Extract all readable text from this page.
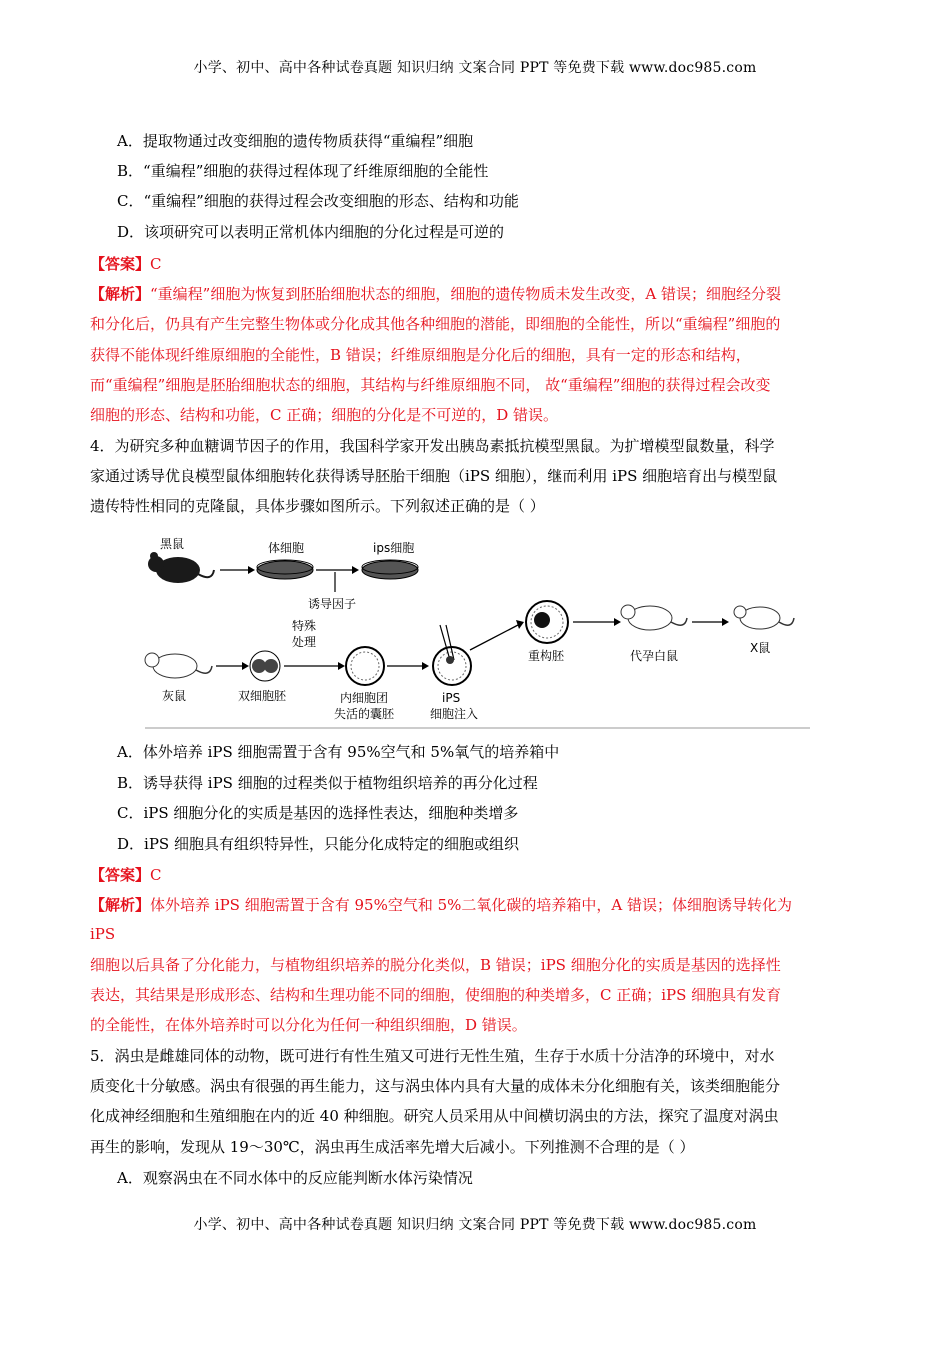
小学、初中、高中各种试卷真题 知识归纳 文案合同 PPT 等免费下载 www.doc985.com
A．提取物通过改变细胞的遗传物质获得“重编程”细胞
B．“重编程”细胞的获得过程体现了纤维原细胞的全能性
C．“重编程”细胞的获得过程会改变细胞的形态、结构和功能
D．该项研究可以表明正常机体内细胞的分化过程是可逆的
【答案】C
【解析】“重编程”细胞为恢复到胚胎细胞状态的细胞，细胞的遗传物质未发生改变，A 错误；细胞经分裂
和分化后，仍具有产生完整生物体或分化成其他各种细胞的潜能，即细胞的全能性，所以“重编程”细胞的
获得不能体现纤维原细胞的全能性，B 错误；纤维原细胞是分化后的细胞，具有一定的形态和结构，
而“重编程”细胞是胚胎细胞状态的细胞，其结构与纤维原细胞不同， 故“重编程”细胞的获得过程会改变
细胞的形态、结构和功能，C 正确；细胞的分化是不可逆的，D 错误。
4．为研究多种血糖调节因子的作用，我国科学家开发出胰岛素抵抗模型黑鼠。为扩增模型鼠数量，科学
家通过诱导优良模型鼠体细胞转化获得诱导胚胎干细胞（iPS 细胞），继而利用 iPS 细胞培育出与模型鼠
遗传特性相同的克隆鼠，具体步骤如图所示。下列叙述正确的是（ ）
黑鼠	体细胞
诱导因子
ips细胞
灰鼠	双细胞胚
特殊
处理
内细胞团
失活的囊胚
iPS
细胞注入
重构胚	代孕白鼠
X鼠
A．体外培养 iPS 细胞需置于含有 95%空气和 5%氧气的培养箱中
B．诱导获得 iPS 细胞的过程类似于植物组织培养的再分化过程
C．iPS 细胞分化的实质是基因的选择性表达，细胞种类增多
D．iPS 细胞具有组织特异性，只能分化成特定的细胞或组织
【答案】C
【解析】体外培养 iPS 细胞需置于含有 95%空气和 5%二氧化碳的培养箱中，A 错误；体细胞诱导转化为
iPS
细胞以后具备了分化能力，与植物组织培养的脱分化类似，B 错误；iPS 细胞分化的实质是基因的选择性
表达，其结果是形成形态、结构和生理功能不同的细胞，使细胞的种类增多，C 正确；iPS 细胞具有发育
的全能性，在体外培养时可以分化为任何一种组织细胞，D 错误。
5．涡虫是雌雄同体的动物，既可进行有性生殖又可进行无性生殖，生存于水质十分洁净的环境中，对水
质变化十分敏感。涡虫有很强的再生能力，这与涡虫体内具有大量的成体未分化细胞有关，该类细胞能分
化成神经细胞和生殖细胞在内的近 40 种细胞。研究人员采用从中间横切涡虫的方法，探究了温度对涡虫
再生的影响，发现从 19～30℃，涡虫再生成活率先增大后减小。下列推测不合理的是（ ）
A．观察涡虫在不同水体中的反应能判断水体污染情况
小学、初中、高中各种试卷真题 知识归纳 文案合同 PPT 等免费下载 www.doc985.com
